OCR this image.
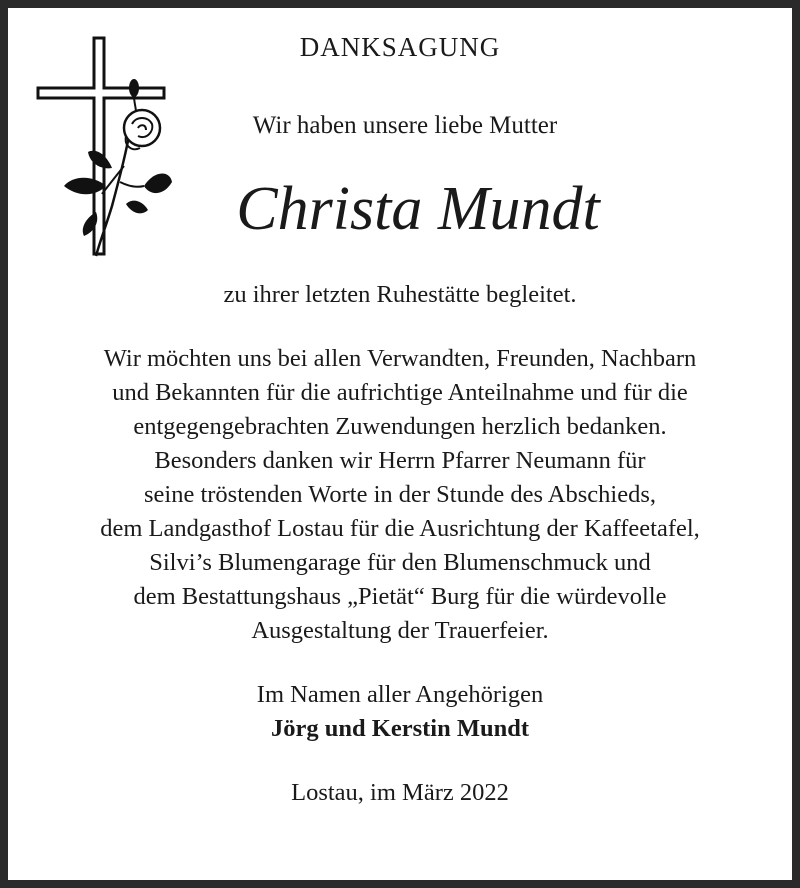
DANKSAGUNG
Wir haben unsere liebe Mutter
Christa Mundt

zu ihrer letzten Ruhestätte begleitet.

Wir möchten uns bei allen Verwandten, Freunden, Nachbarn

und Bekannten für die aufrichtige Anteilnahme und für die

entgegengebrachten Zuwendungen herzlich bedanken.

Besonders danken wir Herrn Pfarrer Neumann für

seine tröstenden Worte in der Stunde des Abschieds,

dem Landgasthof Lostau für die Ausrichtung der Kaffeetafel,

Silvi’s Blumengarage für den Blumenschmuck und

dem Bestattungshaus „Pietät“ Burg für die würdevolle

Ausgestaltung der Trauerfeier.

Im Namen aller Angehörigen

Jörg und Kerstin Mundt

Lostau, im März 2022
